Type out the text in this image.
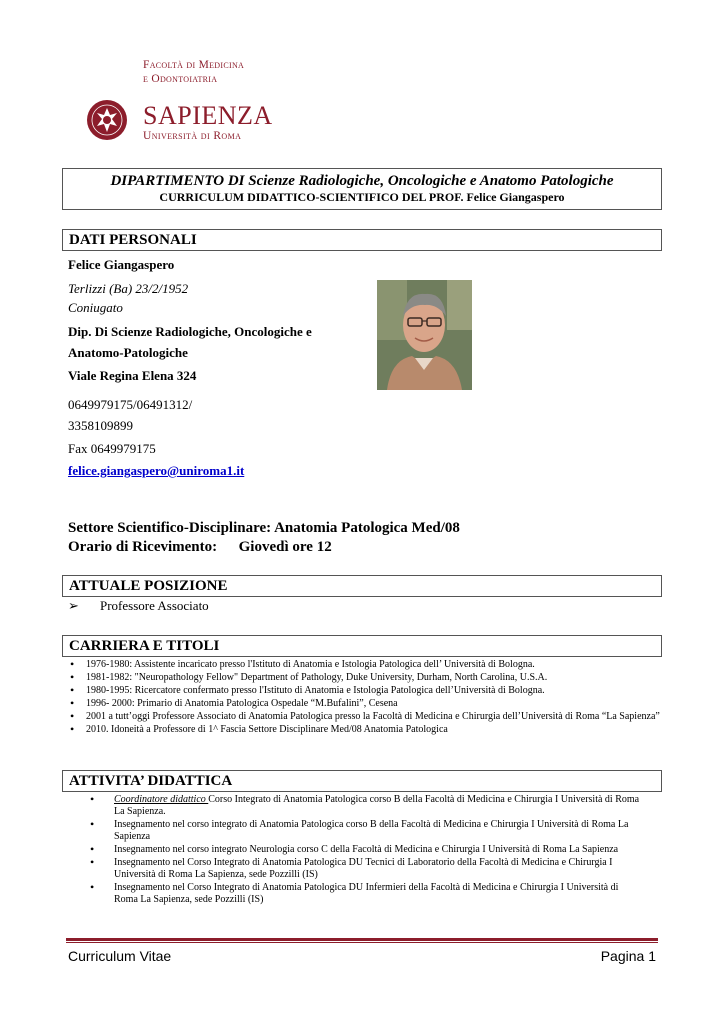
Facoltà di Medicina
e Odontoiatria
SAPIENZA
Università di Roma
DIPARTIMENTO DI Scienze Radiologiche, Oncologiche e Anatomo Patologiche
CURRICULUM DIDATTICO-SCIENTIFICO DEL PROF. Felice Giangaspero
DATI PERSONALI
Felice Giangaspero
Terlizzi (Ba) 23/2/1952
Coniugato
Dip. Di Scienze Radiologiche, Oncologiche e
Anatomo-Patologiche
Viale Regina Elena 324
0649979175/06491312/
3358109899
Fax 0649979175
felice.giangaspero@uniroma1.it
Settore Scientifico-Disciplinare: Anatomia Patologica Med/08
Orario di Ricevimento: Giovedì ore 12
ATTUALE POSIZIONE
➢ Professore Associato
CARRIERA E TITOLI
• 1976-1980: Assistente incaricato presso l'Istituto di Anatomia e Istologia Patologica dell’ Università di Bologna.
• 1981-1982: "Neuropathology Fellow" Department of Pathology, Duke University, Durham, North Carolina, U.S.A.
• 1980-1995: Ricercatore confermato presso l'Istituto di Anatomia e Istologia Patologica dell’Università di Bologna.
• 1996- 2000: Primario di Anatomia Patologica Ospedale “M.Bufalini”, Cesena
• 2001 a tutt’oggi Professore Associato di Anatomia Patologica presso la Facoltà di Medicina e Chirurgia dell’Università di Roma “La Sapienza”
• 2010. Idoneità a Professore di 1^ Fascia Settore Disciplinare Med/08 Anatomia Patologica
ATTIVITA’ DIDATTICA
• Coordinatore didattico Corso Integrato di Anatomia Patologica corso B della Facoltà di Medicina e Chirurgia I Università di Roma La Sapienza.
• Insegnamento nel corso integrato di Anatomia Patologica corso B della Facoltà di Medicina e Chirurgia I Università di Roma La Sapienza
• Insegnamento nel corso integrato Neurologia corso C della Facoltà di Medicina e Chirurgia I Università di Roma La Sapienza
• Insegnamento nel Corso Integrato di Anatomia Patologica DU Tecnici di Laboratorio della Facoltà di Medicina e Chirurgia I Università di Roma La Sapienza, sede Pozzilli (IS)
• Insegnamento nel Corso Integrato di Anatomia Patologica DU Infermieri della Facoltà di Medicina e Chirurgia I Università di Roma La Sapienza, sede Pozzilli (IS)
Curriculum Vitae	Pagina 1
